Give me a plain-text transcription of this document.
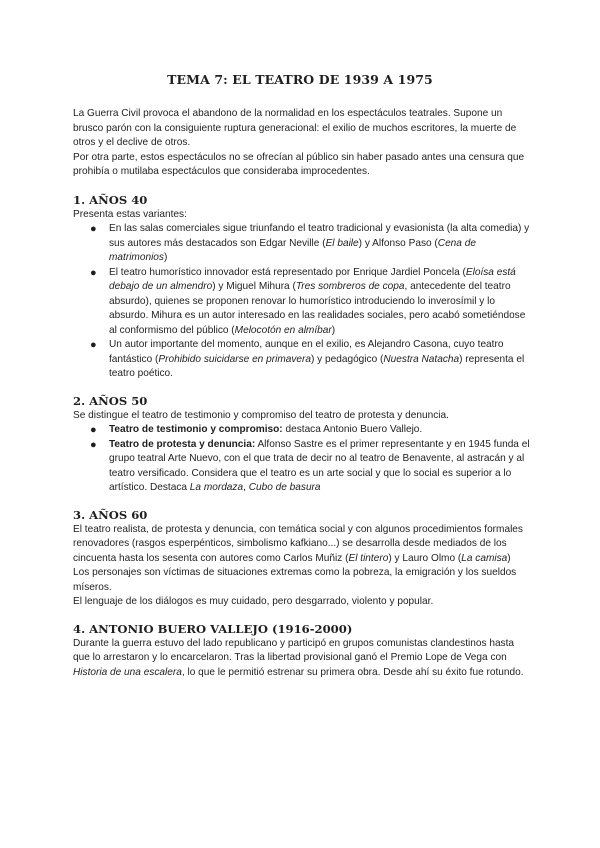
TEMA 7: EL TEATRO DE 1939 A 1975

La Guerra Civil provoca el abandono de la normalidad en los espectáculos teatrales. Supone un brusco parón con la consiguiente ruptura generacional: el exilio de muchos escritores, la muerte de otros y el declive de otros.

Por otra parte, estos espectáculos no se ofrecían al público sin haber pasado antes una censura que prohibía o mutilaba espectáculos que consideraba improcedentes.

1. AÑOS 40

Presenta estas variantes:

● En las salas comerciales sigue triunfando el teatro tradicional y evasionista (la alta comedia) y sus autores más destacados son Edgar Neville (El baile) y Alfonso Paso (Cena de matrimonios)
● El teatro humorístico innovador está representado por Enrique Jardiel Poncela (Eloísa está debajo de un almendro) y Miguel Mihura (Tres sombreros de copa, antecedente del teatro absurdo), quienes se proponen renovar lo humorístico introduciendo lo inverosímil y lo absurdo. Mihura es un autor interesado en las realidades sociales, pero acabó sometiéndose al conformismo del público (Melocotón en almíbar)
● Un autor importante del momento, aunque en el exilio, es Alejandro Casona, cuyo teatro fantástico (Prohibido suicidarse en primavera) y pedagógico (Nuestra Natacha) representa el teatro poético.
2. AÑOS 50

Se distingue el teatro de testimonio y compromiso del teatro de protesta y denuncia.

● Teatro de testimonio y compromiso: destaca Antonio Buero Vallejo.
● Teatro de protesta y denuncia: Alfonso Sastre es el primer representante y en 1945 funda el grupo teatral Arte Nuevo, con el que trata de decir no al teatro de Benavente, al astracán y al teatro versificado. Considera que el teatro es un arte social y que lo social es superior a lo artístico. Destaca La mordaza, Cubo de basura
3. AÑOS 60

El teatro realista, de protesta y denuncia, con temática social y con algunos procedimientos formales renovadores (rasgos esperpénticos, simbolismo kafkiano...) se desarrolla desde mediados de los cincuenta hasta los sesenta con autores como Carlos Muñiz (El tintero) y Lauro Olmo (La camisa)

Los personajes son víctimas de situaciones extremas como la pobreza, la emigración y los sueldos míseros.

El lenguaje de los diálogos es muy cuidado, pero desgarrado, violento y popular.

4. ANTONIO BUERO VALLEJO (1916-2000)

Durante la guerra estuvo del lado republicano y participó en grupos comunistas clandestinos hasta que lo arrestaron y lo encarcelaron. Tras la libertad provisional ganó el Premio Lope de Vega con Historia de una escalera, lo que le permitió estrenar su primera obra. Desde ahí su éxito fue rotundo.
